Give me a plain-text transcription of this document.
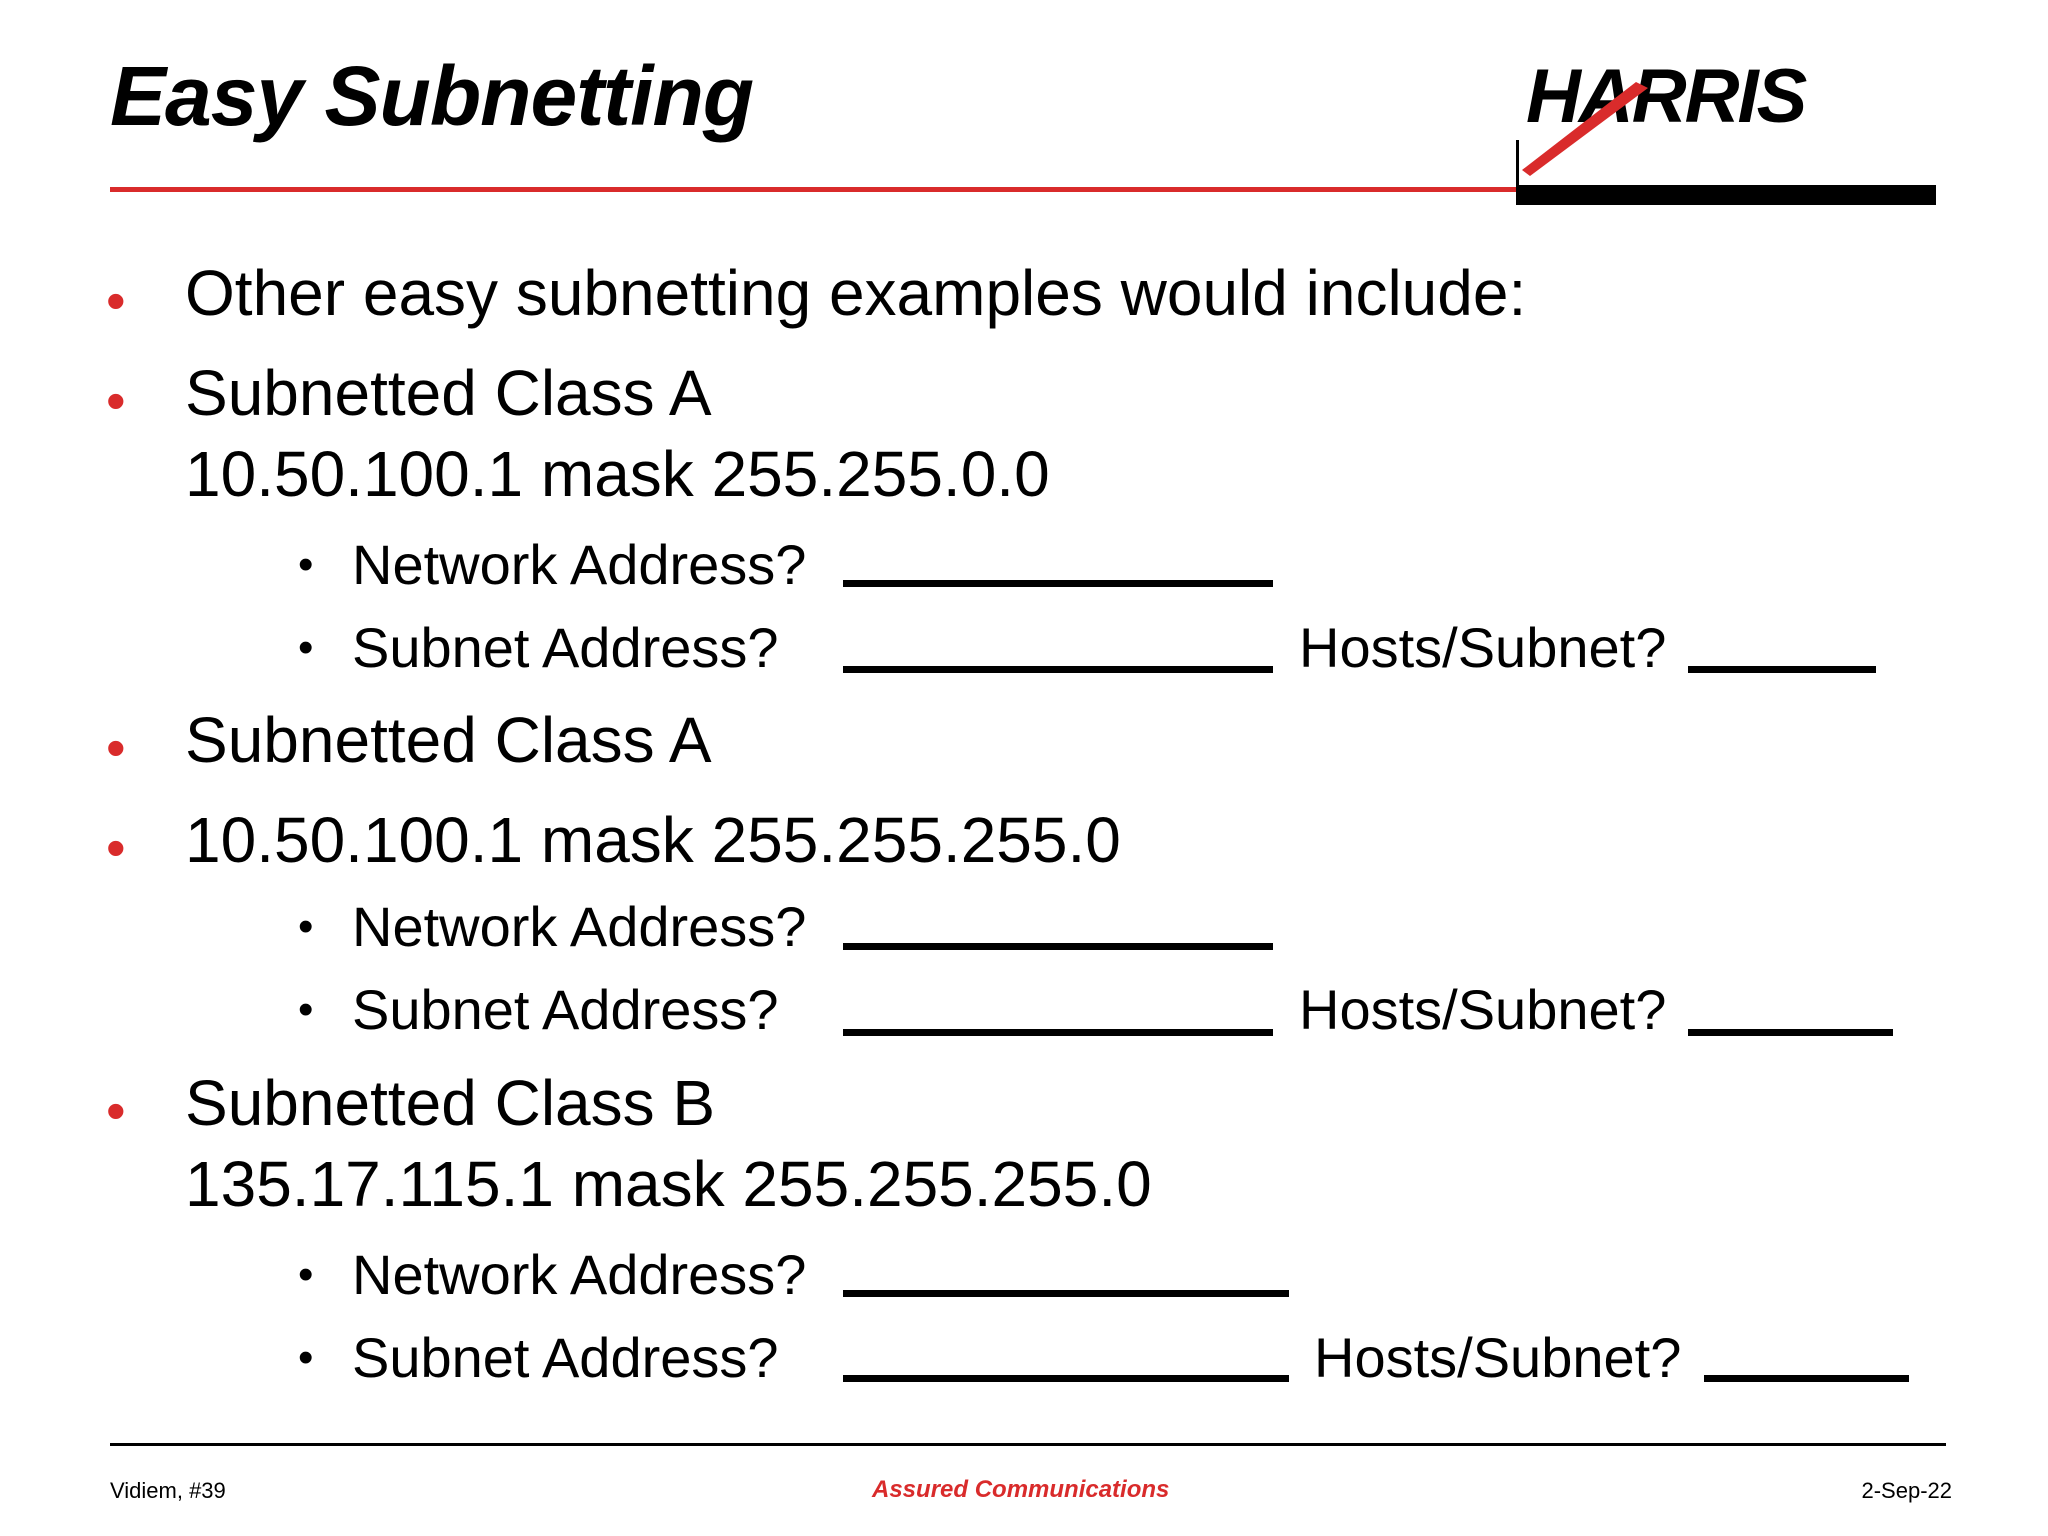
Easy Subnetting	HARRIS
• Other easy subnetting examples would include:
• Subnetted Class A
10.50.100.1 mask 255.255.0.0
• Network Address?
• Subnet Address?	Hosts/Subnet?
• Subnetted Class A
• 10.50.100.1 mask 255.255.255.0
• Network Address?
• Subnet Address?	Hosts/Subnet?
• Subnetted Class B
135.17.115.1 mask 255.255.255.0
• Network Address?
• Subnet Address?	Hosts/Subnet?
Vidiem, #39	Assured Communications	2-Sep-22
